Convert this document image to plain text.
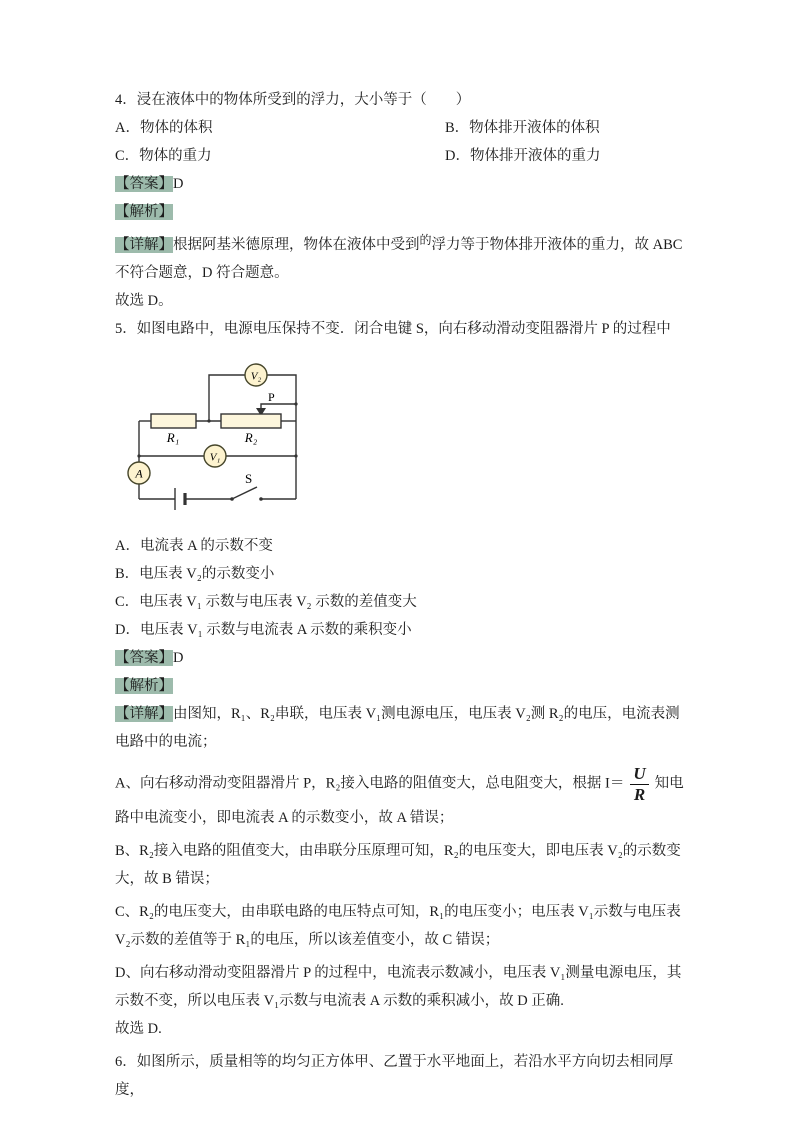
4．浸在液体中的物体所受到的浮力，大小等于（　　）

A．物体的体积	B．物体排开液体的体积
C．物体的重力	D．物体排开液体的重力

【答案】D

【解析】

【详解】根据阿基米德原理，物体在液体中受到$^的$浮力等于物体排开液体的重力，故 ABC不符合题意，D 符合题意。

故选 D。

5．如图电路中，电源电压保持不变．闭合电键 S，向右移动滑动变阻器滑片 P 的过程中

V₂
V₁
A
P
R₁	R₂
S

A．电流表 A 的示数不变

B．电压表 V₂的示数变小

C．电压表 V₁ 示数与电压表 V₂ 示数的差值变大

D．电压表 V₁ 示数与电流表 A 示数的乘积变小

【答案】D

【解析】

【详解】由图知，R₁、R₂串联，电压表 V₁测电源电压，电压表 V₂测 R₂的电压，电流表测电路中的电流；

A、向右移动滑动变阻器滑片 P，R₂接入电路的阻值变大，总电阻变大，根据 $I= \frac{U}{R}$ 知电路中电流变小，即电流表 A 的示数变小，故 A 错误；

B、R₂接入电路的阻值变大，由串联分压原理可知，R₂的电压变大，即电压表 V₂的示数变大，故 B 错误；

C、R₂的电压变大，由串联电路的电压特点可知，R₁的电压变小；电压表 V₁示数与电压表 V₂示数的差值等于 R₁的电压，所以该差值变小，故 C 错误；

D、向右移动滑动变阻器滑片 P 的过程中，电流表示数减小，电压表 V₁测量电源电压，其示数不变，所以电压表 V₁示数与电流表 A 示数的乘积减小，故 D 正确.

故选 D.

6．如图所示，质量相等的均匀正方体甲、乙置于水平地面上，若沿水平方向切去相同厚度，
